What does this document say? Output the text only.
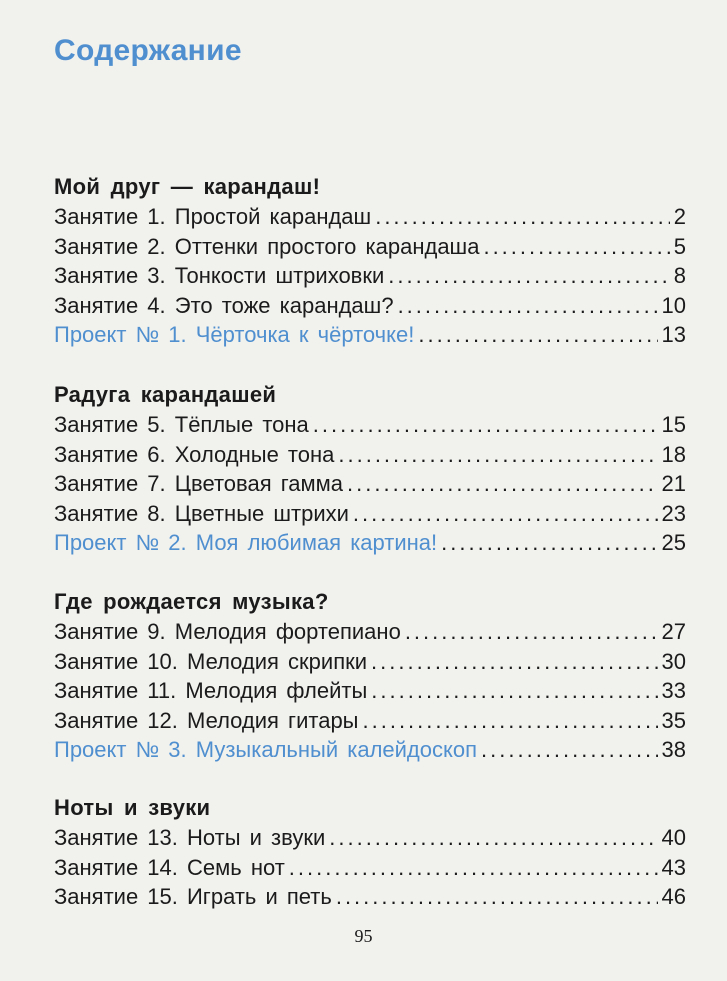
Содержание
Мой друг — карандаш!
Занятие 1. Простой карандаш .....	2
Занятие 2. Оттенки простого карандаша .....	5
Занятие 3. Тонкости штриховки .....	8
Занятие 4. Это тоже карандаш? .....	10
Проект № 1. Чёрточка к чёрточке! .....	13
Радуга карандашей
Занятие 5. Тёплые тона .....	15
Занятие 6. Холодные тона .....	18
Занятие 7. Цветовая гамма .....	21
Занятие 8. Цветные штрихи .....	23
Проект № 2. Моя любимая картина! .....	25
Где рождается музыка?
Занятие 9. Мелодия фортепиано .....	27
Занятие 10. Мелодия скрипки .....	30
Занятие 11. Мелодия флейты .....	33
Занятие 12. Мелодия гитары .....	35
Проект № 3. Музыкальный калейдоскоп .....	38
Ноты и звуки
Занятие 13. Ноты и звуки .....	40
Занятие 14. Семь нот .....	43
Занятие 15. Играть и петь .....	46
95
